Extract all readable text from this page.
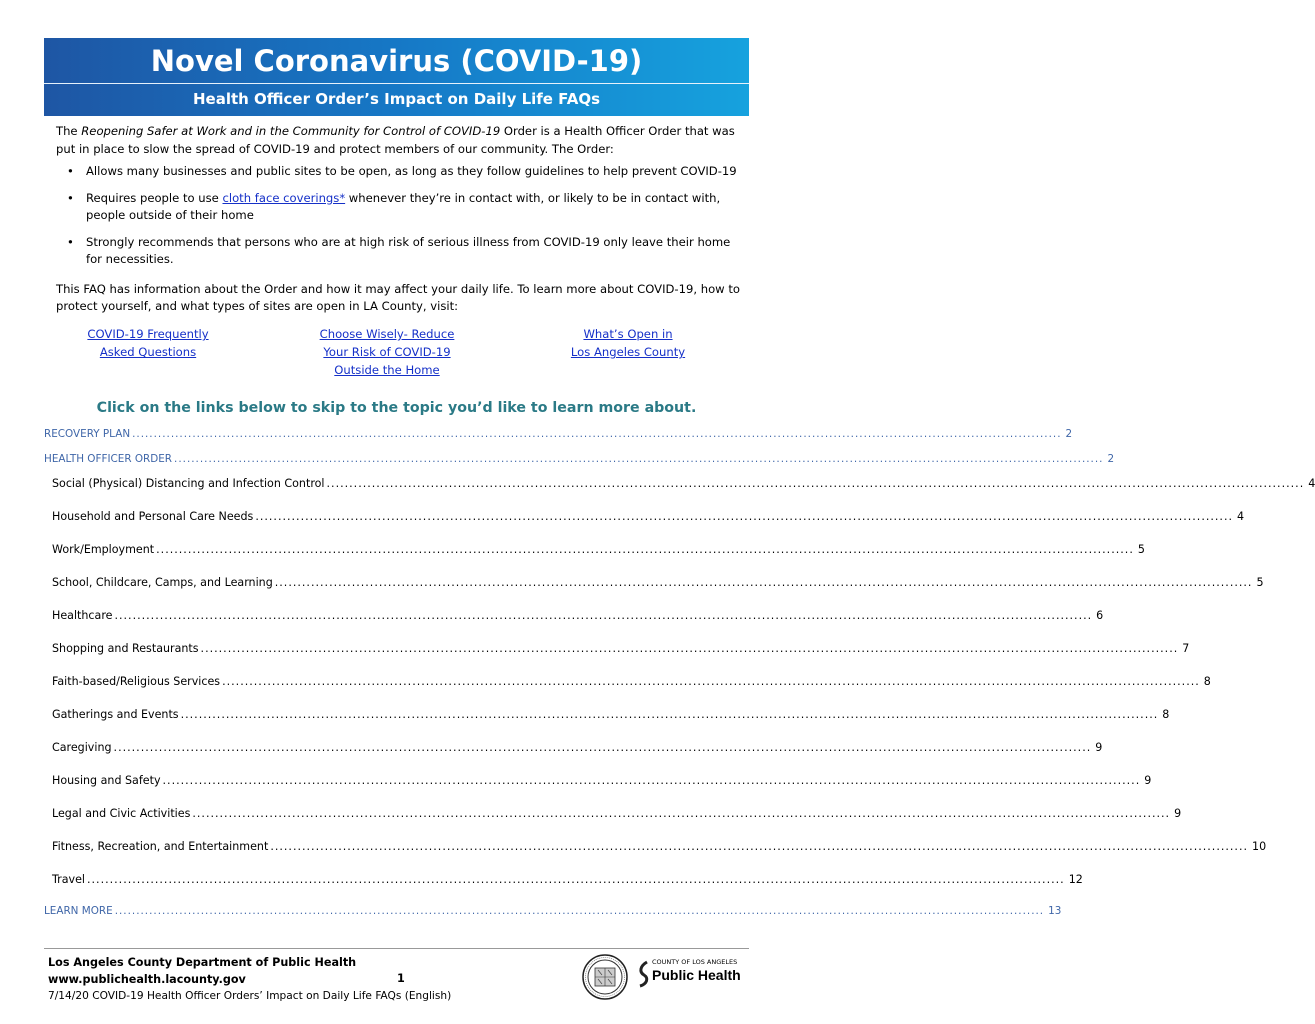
Novel Coronavirus (COVID-19)
Health Officer Order’s Impact on Daily Life FAQs

The Reopening Safer at Work and in the Community for Control of COVID-19 Order is a Health Officer Order that was put in place to slow the spread of COVID-19 and protect members of our community. The Order:

• Allows many businesses and public sites to be open, as long as they follow guidelines to help prevent COVID-19
• Requires people to use cloth face coverings* whenever they’re in contact with, or likely to be in contact with, people outside of their home
• Strongly recommends that persons who are at high risk of serious illness from COVID-19 only leave their home for necessities.
This FAQ has information about the Order and how it may affect your daily life. To learn more about COVID-19, how to protect yourself, and what types of sites are open in LA County, visit:
COVID-19 Frequently
Asked Questions
Choose Wisely- Reduce
Your Risk of COVID-19
Outside the Home
What’s Open in
Los Angeles County
Click on the links below to skip to the topic you’d like to learn more about.
RECOVERY PLAN ........................................................................................................................................................................................................................ 2
HEALTH OFFICER ORDER ........................................................................................................................................................................................................................ 2
Social (Physical) Distancing and Infection Control ........................................................................................................................................................................................................................ 4
Household and Personal Care Needs ........................................................................................................................................................................................................................ 4
Work/Employment ........................................................................................................................................................................................................................ 5
School, Childcare, Camps, and Learning ........................................................................................................................................................................................................................ 5
Healthcare ........................................................................................................................................................................................................................ 6
Shopping and Restaurants ........................................................................................................................................................................................................................ 7
Faith-based/Religious Services ........................................................................................................................................................................................................................ 8
Gatherings and Events ........................................................................................................................................................................................................................ 8
Caregiving ........................................................................................................................................................................................................................ 9
Housing and Safety ........................................................................................................................................................................................................................ 9
Legal and Civic Activities ........................................................................................................................................................................................................................ 9
Fitness, Recreation, and Entertainment ........................................................................................................................................................................................................................ 10
Travel ........................................................................................................................................................................................................................ 12
LEARN MORE ........................................................................................................................................................................................................................ 13
Los Angeles County Department of Public Health
www.publichealth.lacounty.gov
7/14/20 COVID-19 Health Officer Orders’ Impact on Daily Life FAQs (English)
1
COUNTY OF LOS ANGELES
Public Health
